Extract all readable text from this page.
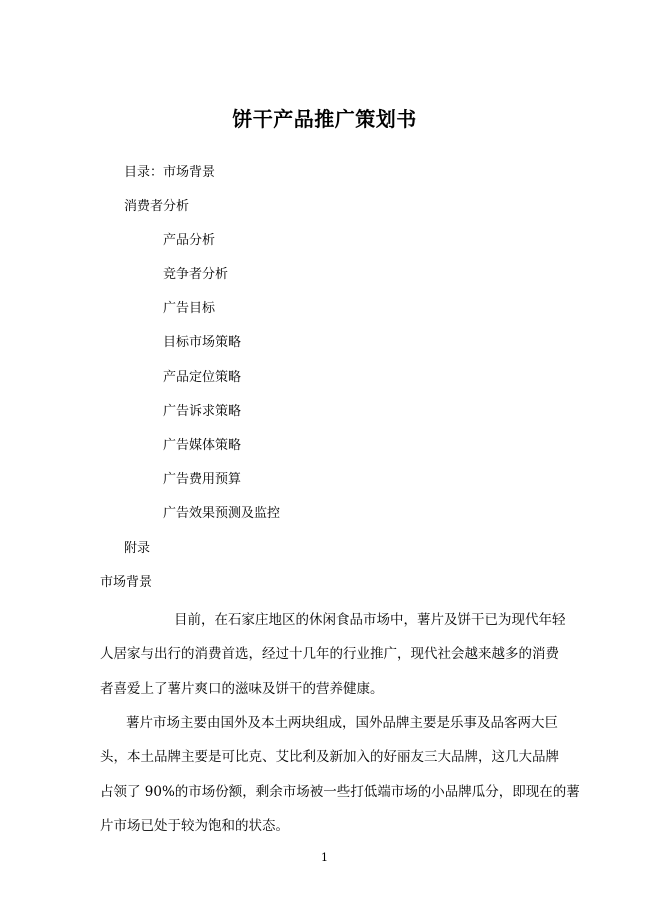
饼干产品推广策划书
目录：市场背景
消费者分析
产品分析
竞争者分析
广告目标
目标市场策略
产品定位策略
广告诉求策略
广告媒体策略
广告费用预算
广告效果预测及监控
附录
市场背景
目前，在石家庄地区的休闲食品市场中，薯片及饼干已为现代年轻
人居家与出行的消费首选，经过十几年的行业推广，现代社会越来越多的消费
者喜爱上了薯片爽口的滋味及饼干的营养健康。
薯片市场主要由国外及本土两块组成，国外品牌主要是乐事及品客两大巨
头，本土品牌主要是可比克、艾比利及新加入的好丽友三大品牌，这几大品牌
占领了 90%的市场份额，剩余市场被一些打低端市场的小品牌瓜分，即现在的薯
片市场已处于较为饱和的状态。
1
